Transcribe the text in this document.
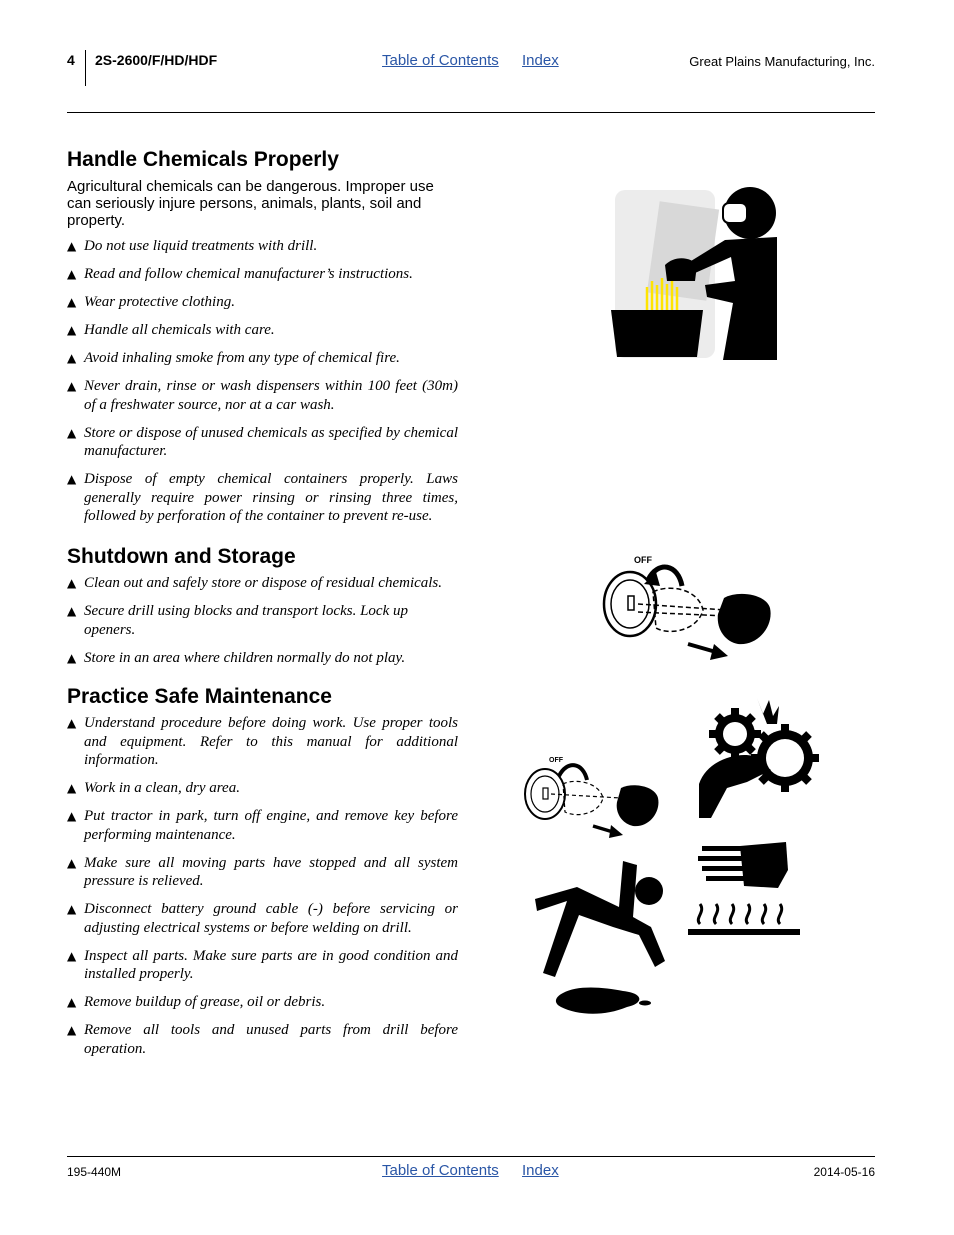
4 2S-2600/F/HD/HDF	Table of Contents Index	Great Plains Manufacturing, Inc.
Handle Chemicals Properly

Agricultural chemicals can be dangerous. Improper use can seriously injure persons, animals, plants, soil and property.

▲ Do not use liquid treatments with drill.
▲ Read and follow chemical manufacturer’s instructions.
▲ Wear protective clothing.
▲ Handle all chemicals with care.
▲ Avoid inhaling smoke from any type of chemical fire.
▲ Never drain, rinse or wash dispensers within 100 feet (30m) of a freshwater source, nor at a car wash.
▲ Store or dispose of unused chemicals as specified by chemical manufacturer.
▲ Dispose of empty chemical containers properly. Laws generally require power rinsing or rinsing three times, followed by perforation of the container to prevent re-use.
Shutdown and Storage
▲ Clean out and safely store or dispose of residual chemicals.
▲ Secure drill using blocks and transport locks. Lock up openers.
▲ Store in an area where children normally do not play.
Practice Safe Maintenance
▲ Understand procedure before doing work. Use proper tools and equipment. Refer to this manual for additional information.
▲ Work in a clean, dry area.
▲ Put tractor in park, turn off engine, and remove key before performing maintenance.
▲ Make sure all moving parts have stopped and all system pressure is relieved.
▲ Disconnect battery ground cable (-) before servicing or adjusting electrical systems or before welding on drill.
▲ Inspect all parts. Make sure parts are in good condition and installed properly.
▲ Remove buildup of grease, oil or debris.
▲ Remove all tools and unused parts from drill before operation.
OFF
OFF
195-440M	Table of Contents Index	2014-05-16
